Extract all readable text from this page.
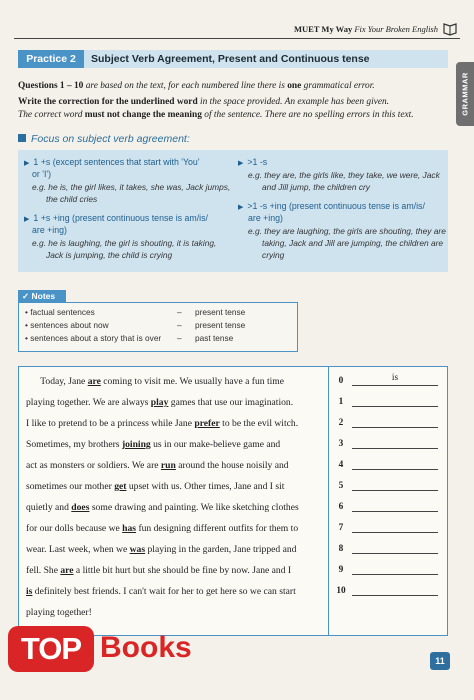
MUET My Way Fix Your Broken English
GRAMMAR
Practice 2	Subject Verb Agreement, Present and Continuous tense
Questions 1 – 10 are based on the text, for each numbered line there is one grammatical error.
Write the correction for the underlined word in the space provided. An example has been given.
The correct word must not change the meaning of the sentence. There are no spelling errors in this text.
Focus on subject verb agreement:
▶ 1 +s (except sentences that start with 'You'
or 'I')
e.g. he is, the girl likes, it takes, she was, Jack jumps,
the child cries
▶ 1 +s +ing (present continuous tense is am/is/
are +ing)
e.g. he is laughing, the girl is shouting, it is taking,
Jack is jumping, the child is crying
▶ >1 -s
e.g. they are, the girls like, they take, we were, Jack
and Jill jump, the children cry
▶ >1 -s +ing (present continuous tense is am/is/
are +ing)
e.g. they are laughing, the girls are shouting, they are
taking, Jack and Jill are jumping, the children are
crying
✓ Notes
• factual sentences	– present tense
• sentences about now	– present tense
• sentences about a story that is over – past tense
Today, Jane are coming to visit me. We usually have a fun time
playing together. We are always play games that use our imagination.
I like to pretend to be a princess while Jane prefer to be the evil witch.
Sometimes, my brothers joining us in our make-believe game and
act as monsters or soldiers. We are run around the house noisily and
sometimes our mother get upset with us. Other times, Jane and I sit
quietly and does some drawing and painting. We like sketching clothes
for our dolls because we has fun designing different outfits for them to
wear. Last week, when we was playing in the garden, Jane tripped and
fell. She are a little bit hurt but she should be fine by now. Jane and I
is definitely best friends. I can't wait for her to get here so we can start
playing together!
0	is
1
2
3
4
5
6
7
8
9
10
TOP Books	11
